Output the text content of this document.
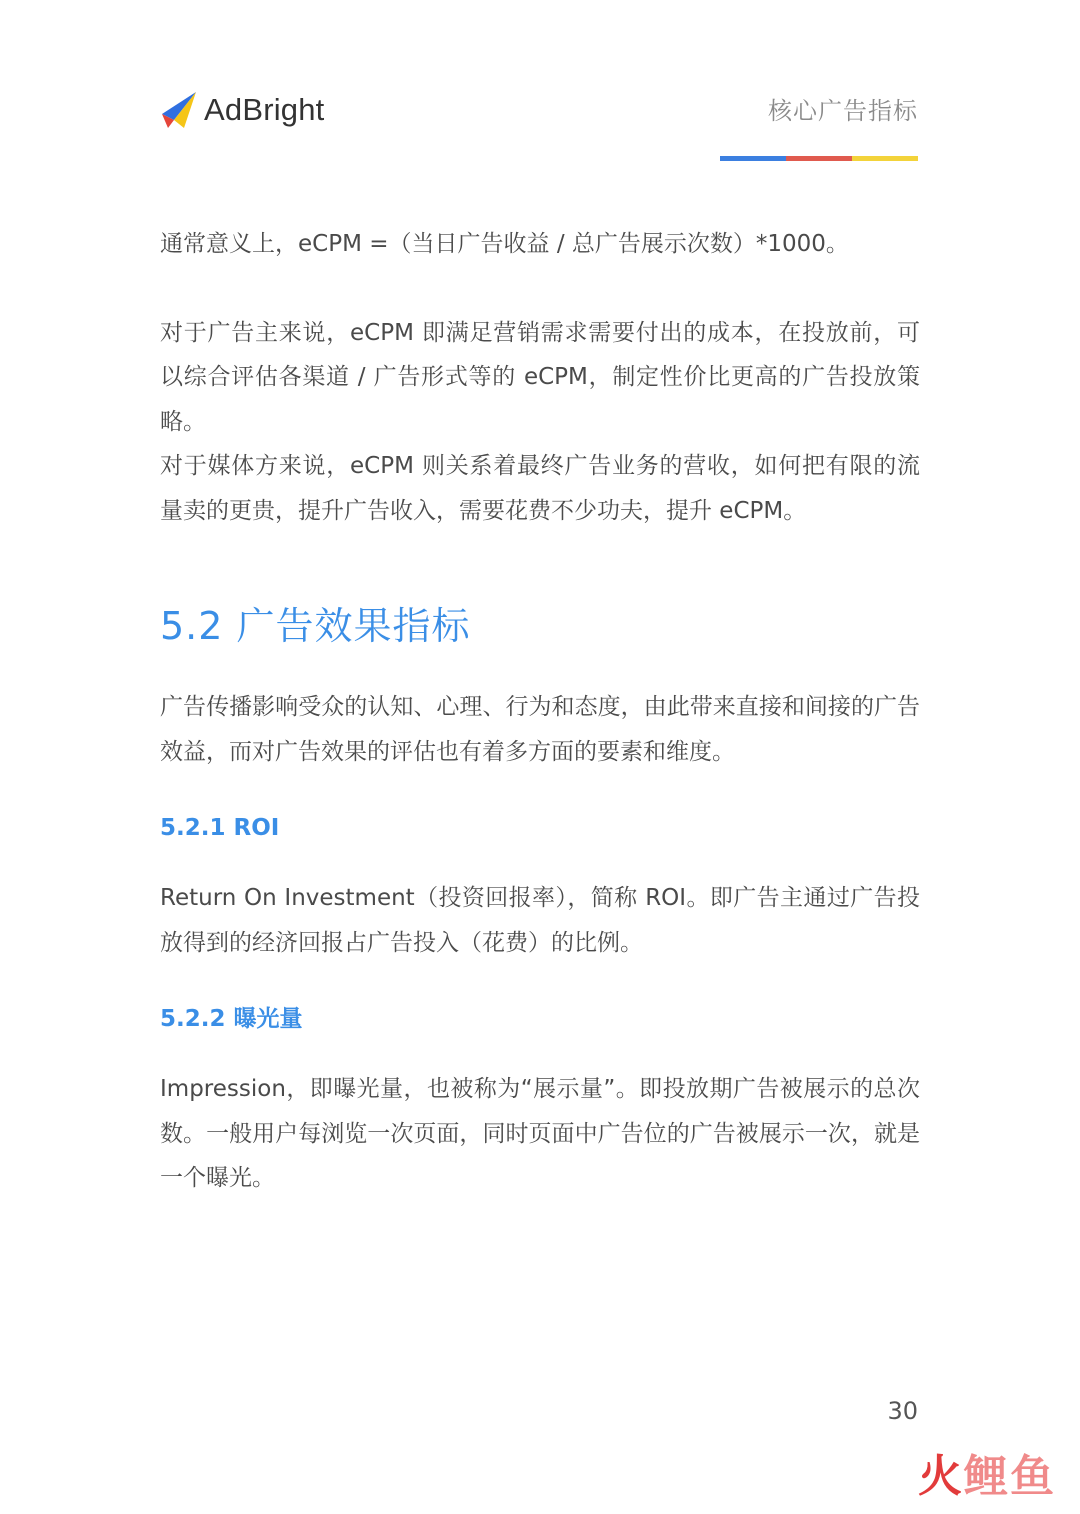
AdBright	核心广告指标

通常意义上，eCPM =（当日广告收益 / 总广告展示次数）*1000。

对于广告主来说，eCPM 即满足营销需求需要付出的成本，在投放前，可以综合评估各渠道 / 广告形式等的 eCPM，制定性价比更高的广告投放策略。

对于媒体方来说，eCPM 则关系着最终广告业务的营收，如何把有限的流量卖的更贵，提升广告收入，需要花费不少功夫，提升 eCPM。

5.2 广告效果指标

广告传播影响受众的认知、心理、行为和态度，由此带来直接和间接的广告效益，而对广告效果的评估也有着多方面的要素和维度。

5.2.1 ROI

Return On Investment（投资回报率），简称 ROI。即广告主通过广告投放得到的经济回报占广告投入（花费）的比例。

5.2.2 曝光量

Impression，即曝光量，也被称为“展示量”。即投放期广告被展示的总次数。一般用户每浏览一次页面，同时页面中广告位的广告被展示一次，就是一个曝光。

30
火鲤鱼
